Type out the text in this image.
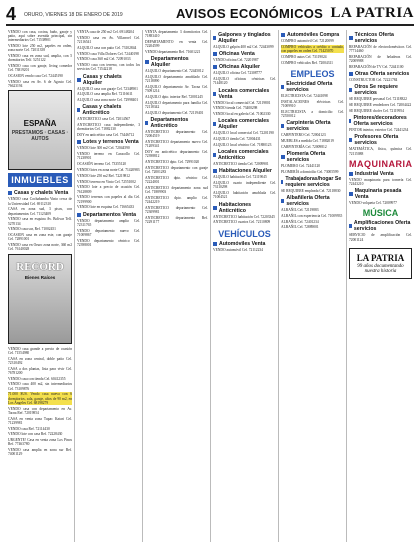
4 ORURO, VIERNES 18 DE ENERO DE 2019	AVISOS ECONÓMICOS LA PATRIA
VENDO con casa, cocina, baño, garaje y patio, aquí sobre avenida principal, sin intermediarios Cel. 71538901
VENDO lote 250 m2, papeles en orden, zona norte Cel. 72011358
VENDO casa en zona sud, amplia, con 5 dormitorios Telf. 5251122
VENDO casa con garaje, living comedor Cel. 73819201
OCASION vendo casa Cel. 72445190
VENDO casa en Av. 6 de Agosto Cel. 76623194
ESPAÑA
PRESTAMOS · CASAS · AUTOS
INMUEBLES
Casas y chalets Venta
VENDO casa Cochabamba Vinto cerca de la Universidad Cel. 69112310
CASA en zona sud, 3 pisos, con departamentos Cel. 71123409
VENDO casa en esquina Av. Bolivar Telf. 5270134
VENDO casa sur, Ref. 71002451
OCASION casa en zona este, con garaje Cel. 72891001
VENDO casa en Oruro zona norte, 360 m2 Cel. 76140028
RECORD
Bienes Raíces
VENDO casa grande a precio de ocasión Cel. 71554980
CASA en zona central, doble patio Cel. 72310492
CASA a dos plantas, lista para vivir Cel. 76781200
VENDO casa con tienda Cel. 60412355
VENDO casa 400 m2, sin intermediarios Cel. 73109876
71.000 $US. Vendo casa nueva con 6 dormitorios, sala, garaje, altos de 90 m2, en Los Ángeles Cel. 68198279
VENDO casa con departamento en Av. Tacna Ref. 72019854
CASA en venta zona Tupac Katari Cel. 71239981
VENDO casa Ref. 72114430
VENDO lote con casa Ref. 72228430
URGENTE! Casa en venta zona Los Pinos Ref. 77463780
VENDO casa amplia en zona sur Ref. 74001129
VENTA casa de 250 m2 Cel. 69148204
VENDO casa en Av. Villarroel Cel. 72116541
ALQUILO casa con patio Cel. 73102844
VENDO casa Villa Dolores Cel. 72440198
VENDO casa 360 m2 Cel. 72091033
VENDO casa con terreno, con todos los servicios Cel. 71542218
Casas y chalets Alquiler
ALQUILO casa con garaje Cel. 72348901
ALQUILO casa amplia Ref. 72116611
ALQUILO casa zona norte Cel. 72998401
Casas y chalets Anticrético
ANTICRETICO casa Cel. 72014567
ANTICRETICO casa independiente, 3 dormitorios Cel. 71882130
DOY en anticrético casa Cel. 73446712
Lotes y terrenos Venta
VENDO lote 300 m2 Cel. 72044590
VENDO terreno en Caracollo Cel. 71238901
OCASIÓN terreno Cel. 73355120
VENDO lotes en zona norte Cel. 71420983
VENDO lote 250 m2 Ref. 72219812
VENDO terreno en Vinto Cel. 72551002
VENDO lote a precio de ocasión Cel. 76128809
VENDO terrenos con papeles al día Cel. 72199900
VENDO lote en esquina Cel. 71665433
Departamentos Venta
VENDO departamento amplio Cel. 72311765
VENDO departamento nuevo Cel. 71009867
VENDO departamento céntrico Cel. 72398001
VENTA departamento 3 dormitorios Cel. 71883410
DEPARTAMENTO en venta Cel. 72204599
VENDO departamento Ref. 71601221
Departamentos Alquiler
ALQUILO departamento Cel. 72445012
ALQUILO departamento amoblado Cel. 72118090
ALQUILO departamento Av. Tacna Cel. 73091214
ALQUILO dpto. interior Ref. 72001245
ALQUILO departamento para familia Cel. 72118342
ALQUILO departamento Cel. 72119401
Departamentos Anticrético
ANTICRETICO departamento Cel. 72004519
ANTICRETICO departamento nuevo Cel. 71209341
DOY en anticrético departamento Cel. 72398812
ANTICRETICO dpto. Cel. 72991020
ANTICRETICO departamento con garaje Cel. 72001283
ANTICRETICO dpto. céntrico Cel. 72224001
ANTICRETICO departamento zona sud Cel. 71889903
ANTICRETICO dpto. amplio Cel. 72442219
ANTICRETICO departamento Cel. 72309981
ANTICRETICO departamento Ref. 72291177
Galpones y tinglados Alquiler
ALQUILO galpón 400 m2 Cel. 72443099
Oficinas Venta
VENDO oficina Cel. 72201987
Oficinas Alquiler
ALQUILO oficina Cel. 72308777
ALQUILO oficinas céntricas Cel. 71448120
Locales comerciales Venta
VENDO local comercial Cel. 72119801
VENDO tienda Cel. 73400298
VENDO local en galería Cel. 71002330
Locales comerciales Alquiler
ALQUILO local comercial Cel. 72201190
ALQUILO tienda Cel. 72004431
ALQUILO local céntrico Cel. 71880123
Locales comerciales Anticrético
ANTICRETICO tienda Cel. 72009901
Habitaciones Alquiler
ALQUILO habitación Cel. 72119045
ALQUILO cuarto independiente Cel. 73110298
ALQUILO habitación amoblada Cel. 71004521
Habitaciones Anticrético
ANTICRETICO habitación Cel. 72203345
ANTICRETICO cuartos Cel. 72110809
VEHÍCULOS
Automóviles Venta
VENDO automóvil Cel. 72112234
Automóviles Compra
COMPRO automóvil Cel. 72120099
COMPRO vehículos a crédito o contado, con papeles en orden Cel. 71425070
COMPRO autos Cel. 73119024
COMPRO vehículos Ref. 72004311
EMPLEOS
Electricidad Oferta servicios
ELECTRICISTA Cel. 72441098
INSTALACIONES eléctricas Cel. 71009910
ELECTRICISTA a domicilio Cel. 72550012
Carpintería Oferta servicios
CARPINTERO Cel. 72004123
MUEBLES a medida Cel. 71882019
CARPINTERÍA Cel. 72009812
Plomería Oferta servicios
PLOMERO Cel. 72441120
PLOMERÍA a domicilio Cel. 73005599
Trabajadoras/hogar Se requiere servicios
SE REQUIERE empleada Cel. 72118830
Albañilería Oferta servicios
ALBAÑIL Cel. 72119883
ALBAÑIL con experiencia Cel. 71009935
ALBAÑIL Cel. 72401234
ALBAÑIL Cel. 72889001
Técnicos Oferta servicios
REPARACIÓN de electrodomésticos Cel. 77714460
REPARACIÓN de heladeras Cel. 72009988
REPARACIÓN de TV Cel. 72441100
Otras Oferta servicios
CONSTRUCTOR Cel. 72221784
Otros Se requiere servicios
SE REQUIERE personal Cel. 72118822
SE REQUIERE vendedores Cel. 72004422
SE REQUIERE chofer Cel. 72119954
Pintores/decoradores Oferta servicios
PINTOR interior, exterior Cel. 72441234
Profesores Oferta servicios
MATEMÁTICA, física, química Cel. 72115088
MAQUINARIA
Industrial Venta
VENDO maquinaria para tornería Cel. 72443210
Maquinaria pesada Venta
VENDO volqueta Cel. 72009977
MÚSICA
Amplificaciones Oferta servicios
SERVICIO de amplificación Cel. 72001124
LA PATRIA
99 años documentando nuestra historia
